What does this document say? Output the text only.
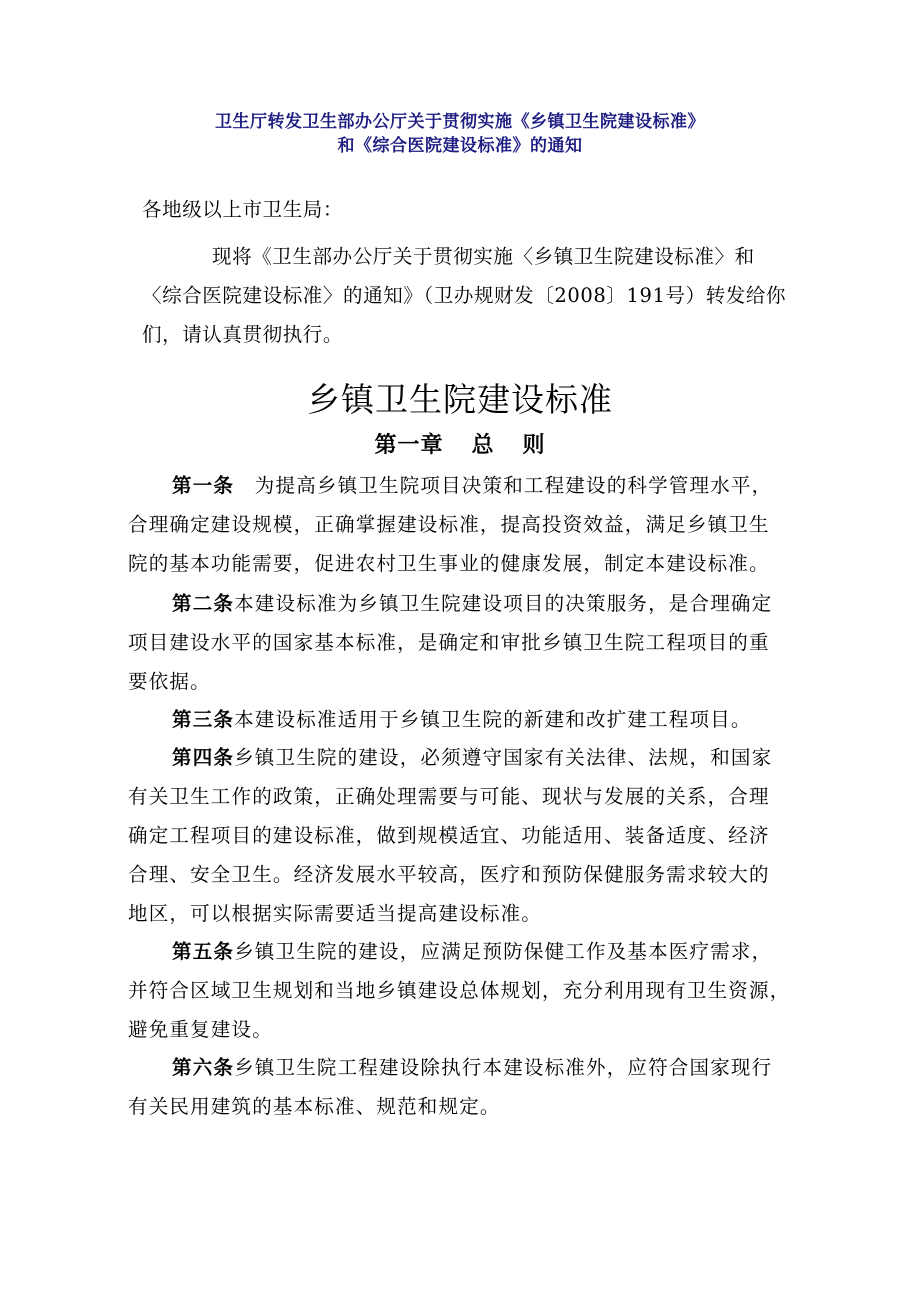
卫生厅转发卫生部办公厅关于贯彻实施《乡镇卫生院建设标准》
和《综合医院建设标准》的通知
各地级以上市卫生局：
现将《卫生部办公厅关于贯彻实施〈乡镇卫生院建设标准〉和
〈综合医院建设标准〉的通知》（卫办规财发〔2008〕191号）转发给你
们，请认真贯彻执行。
乡镇卫生院建设标准
第一章 总 则
第一条　为提高乡镇卫生院项目决策和工程建设的科学管理水平，
合理确定建设规模，正确掌握建设标准，提高投资效益，满足乡镇卫生
院的基本功能需要，促进农村卫生事业的健康发展，制定本建设标准。
第二条本建设标准为乡镇卫生院建设项目的决策服务，是合理确定
项目建设水平的国家基本标准，是确定和审批乡镇卫生院工程项目的重
要依据。
第三条本建设标准适用于乡镇卫生院的新建和改扩建工程项目。
第四条乡镇卫生院的建设，必须遵守国家有关法律、法规，和国家
有关卫生工作的政策，正确处理需要与可能、现状与发展的关系，合理
确定工程项目的建设标准，做到规模适宜、功能适用、装备适度、经济
合理、安全卫生。经济发展水平较高，医疗和预防保健服务需求较大的
地区，可以根据实际需要适当提高建设标准。
第五条乡镇卫生院的建设，应满足预防保健工作及基本医疗需求，
并符合区域卫生规划和当地乡镇建设总体规划，充分利用现有卫生资源，
避免重复建设。
第六条乡镇卫生院工程建设除执行本建设标准外，应符合国家现行
有关民用建筑的基本标准、规范和规定。
